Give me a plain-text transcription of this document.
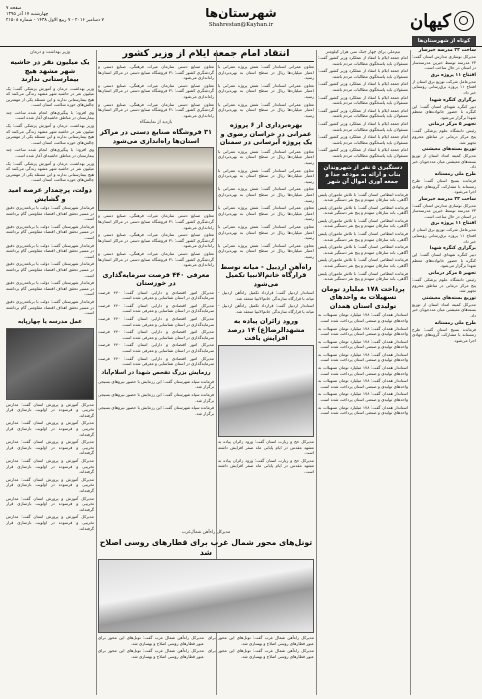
صفحه ۷
چهارشنبه ۱۷ آذر ۱۳۹۵
۷ دسامبر ۲۰۱۶ - ۷ ربیع الاول ۱۴۳۸ - شماره ۲۱۵۰۸
شهرستان‌ها
Shahrestan@Kayhan.ir	کیهان
انتقاد امام جمعه ایلام از وزیر کشور
وزیر بهداشت و درمان
یک میلیون نفر در حاشیه شهر مشهد هیچ بیمارستانی ندارند

وزیر بهداشت، درمان و آموزش پزشکی گفت: یک میلیون نفر در حاشیه شهر مشهد زندگی می‌کنند که هیچ بیمارستانی ندارند و این مسئله یکی از مهمترین چالش‌های حوزه سلامت استان است.

وی افزود: با پیگیری‌های انجام شده ساخت چند بیمارستان در مناطق حاشیه‌ای آغاز شده است.

وزیر بهداشت، درمان و آموزش پزشکی گفت: یک میلیون نفر در حاشیه شهر مشهد زندگی می‌کنند که هیچ بیمارستانی ندارند و این مسئله یکی از مهمترین چالش‌های حوزه سلامت استان است.

وی افزود: با پیگیری‌های انجام شده ساخت چند بیمارستان در مناطق حاشیه‌ای آغاز شده است.

وزیر بهداشت، درمان و آموزش پزشکی گفت: یک میلیون نفر در حاشیه شهر مشهد زندگی می‌کنند که هیچ بیمارستانی ندارند و این مسئله یکی از مهمترین چالش‌های حوزه سلامت استان است.

دولت، پرچمدار عرصه امید و گشایش

فرماندار شهرستان گفت: دولت با برنامه‌ریزی دقیق در مسیر تحقق اهداف اقتصاد مقاومتی گام برداشته است.

فرماندار شهرستان گفت: دولت با برنامه‌ریزی دقیق در مسیر تحقق اهداف اقتصاد مقاومتی گام برداشته است.

فرماندار شهرستان گفت: دولت با برنامه‌ریزی دقیق در مسیر تحقق اهداف اقتصاد مقاومتی گام برداشته است.

فرماندار شهرستان گفت: دولت با برنامه‌ریزی دقیق در مسیر تحقق اهداف اقتصاد مقاومتی گام برداشته است.

فرماندار شهرستان گفت: دولت با برنامه‌ریزی دقیق در مسیر تحقق اهداف اقتصاد مقاومتی گام برداشته است.

فرماندار شهرستان گفت: دولت با برنامه‌ریزی دقیق در مسیر تحقق اهداف اقتصاد مقاومتی گام برداشته است.

عمل مدرسه یا چهارپایه

مدیرکل آموزش و پرورش استان گفت: مدارس تخریبی و فرسوده در اولویت بازسازی قرار گرفته‌اند.

مدیرکل آموزش و پرورش استان گفت: مدارس تخریبی و فرسوده در اولویت بازسازی قرار گرفته‌اند.

مدیرکل آموزش و پرورش استان گفت: مدارس تخریبی و فرسوده در اولویت بازسازی قرار گرفته‌اند.

مدیرکل آموزش و پرورش استان گفت: مدارس تخریبی و فرسوده در اولویت بازسازی قرار گرفته‌اند.

مدیرکل آموزش و پرورش استان گفت: مدارس تخریبی و فرسوده در اولویت بازسازی قرار گرفته‌اند.

مدیرکل آموزش و پرورش استان گفت: مدارس تخریبی و فرسوده در اولویت بازسازی قرار گرفته‌اند.

مدیرکل آموزش و پرورش استان گفت: مدارس تخریبی و فرسوده در اولویت بازسازی قرار گرفته‌اند.

معاون صنایع دستی سازمان میراث فرهنگی، صنایع دستی و گردشگری کشور گفت: ۳۱ فروشگاه صنایع دستی در مراکز استان‌ها راه‌اندازی می‌شود.

معاون صنایع دستی سازمان میراث فرهنگی، صنایع دستی و گردشگری کشور گفت: ۳۱ فروشگاه صنایع دستی در مراکز استان‌ها راه‌اندازی می‌شود.

معاون صنایع دستی سازمان میراث فرهنگی، صنایع دستی و گردشگری کشور گفت: ۳۱ فروشگاه صنایع دستی در مراکز استان‌ها راه‌اندازی می‌شود.

بازدید از نمایشگاه
۳۱ فروشگاه صنایع دستی در مراکز استان‌ها راه‌اندازی می‌شود

معاون صنایع دستی سازمان میراث فرهنگی، صنایع دستی و گردشگری کشور گفت: ۳۱ فروشگاه صنایع دستی در مراکز استان‌ها راه‌اندازی می‌شود.

معاون صنایع دستی سازمان میراث فرهنگی، صنایع دستی و گردشگری کشور گفت: ۳۱ فروشگاه صنایع دستی در مراکز استان‌ها راه‌اندازی می‌شود.

معاون صنایع دستی سازمان میراث فرهنگی، صنایع دستی و گردشگری کشور گفت: ۳۱ فروشگاه صنایع دستی در مراکز استان‌ها راه‌اندازی می‌شود.

معرفی ۴۴۰ فرصت سرمایه‌گذاری در خوزستان

مدیرکل امور اقتصادی و دارایی استان گفت: ۴۴۰ فرصت سرمایه‌گذاری در استان شناسایی و معرفی شده است.

مدیرکل امور اقتصادی و دارایی استان گفت: ۴۴۰ فرصت سرمایه‌گذاری در استان شناسایی و معرفی شده است.

مدیرکل امور اقتصادی و دارایی استان گفت: ۴۴۰ فرصت سرمایه‌گذاری در استان شناسایی و معرفی شده است.

مدیرکل امور اقتصادی و دارایی استان گفت: ۴۴۰ فرصت سرمایه‌گذاری در استان شناسایی و معرفی شده است.

مدیرکل امور اقتصادی و دارایی استان گفت: ۴۴۰ فرصت سرمایه‌گذاری در استان شناسایی و معرفی شده است.

مدیرکل امور اقتصادی و دارایی استان گفت: ۴۴۰ فرصت سرمایه‌گذاری در استان شناسایی و معرفی شده است.

رزمایش بزرگ تفحص شهدا در اسلام‌آباد

فرمانده سپاه شهرستان گفت: این رزمایش با حضور نیروهای بسیجی برگزار شد.

فرمانده سپاه شهرستان گفت: این رزمایش با حضور نیروهای بسیجی برگزار شد.

فرمانده سپاه شهرستان گفت: این رزمایش با حضور نیروهای بسیجی برگزار شد.

مدیرکل راه‌آهن شمال‌غرب
تونل‌های محور شمال غرب برای قطارهای روسی اصلاح شد

مدیرکل راه‌آهن شمال غرب گفت: تونل‌های این محور برای عبور قطارهای روسی اصلاح و بهسازی شد.

مدیرکل راه‌آهن شمال غرب گفت: تونل‌های این محور برای عبور قطارهای روسی اصلاح و بهسازی شد.

مدیرکل راه‌آهن شمال غرب گفت: تونل‌های این محور برای عبور قطارهای روسی اصلاح و بهسازی شد.

مدیرکل راه‌آهن شمال غرب گفت: تونل‌های این محور برای عبور قطارهای روسی اصلاح و بهسازی شد.

معاون عمرانی استاندار گفت: شش پروژه عمرانی با اعتبار میلیاردها ریال در سطح استان به بهره‌برداری رسید.

معاون عمرانی استاندار گفت: شش پروژه عمرانی با اعتبار میلیاردها ریال در سطح استان به بهره‌برداری رسید.

معاون عمرانی استاندار گفت: شش پروژه عمرانی با اعتبار میلیاردها ریال در سطح استان به بهره‌برداری رسید.

بهره‌برداری از ۶ پروژه عمرانی در خراسان رضوی و یک پروژه آبرسانی در سمنان

معاون عمرانی استاندار گفت: شش پروژه عمرانی با اعتبار میلیاردها ریال در سطح استان به بهره‌برداری رسید.

معاون عمرانی استاندار گفت: شش پروژه عمرانی با اعتبار میلیاردها ریال در سطح استان به بهره‌برداری رسید.

معاون عمرانی استاندار گفت: شش پروژه عمرانی با اعتبار میلیاردها ریال در سطح استان به بهره‌برداری رسید.

معاون عمرانی استاندار گفت: شش پروژه عمرانی با اعتبار میلیاردها ریال در سطح استان به بهره‌برداری رسید.

معاون عمرانی استاندار گفت: شش پروژه عمرانی با اعتبار میلیاردها ریال در سطح استان به بهره‌برداری رسید.

معاون عمرانی استاندار گفت: شش پروژه عمرانی با اعتبار میلیاردها ریال در سطح استان به بهره‌برداری رسید.

راه‌آهن اردبیل - میانه توسط قرارگاه خاتم‌الانبیا تکمیل می‌شود

استاندار اردبیل گفت: قرارداد تکمیل راه‌آهن اردبیل - میانه با قرارگاه سازندگی خاتم‌الانبیا منعقد شد.

استاندار اردبیل گفت: قرارداد تکمیل راه‌آهن اردبیل - میانه با قرارگاه سازندگی خاتم‌الانبیا منعقد شد.

ورود زائران پیاده به مشهدالرضا(ع) ۱۴ درصد افزایش یافت

مدیرکل حج و زیارت استان گفت: ورود زائران پیاده به مشهد مقدس در ایام پایانی ماه صفر افزایش داشته است.

مدیرکل حج و زیارت استان گفت: ورود زائران پیاده به مشهد مقدس در ایام پایانی ماه صفر افزایش داشته است.

تیم‌ملی برای چهار جنگ سی هزار کیلومتر

امام جمعه ایلام با انتقاد از عملکرد وزیر کشور گفت: مسئولان باید پاسخگوی مطالبات مردم باشند.

امام جمعه ایلام با انتقاد از عملکرد وزیر کشور گفت: مسئولان باید پاسخگوی مطالبات مردم باشند.

امام جمعه ایلام با انتقاد از عملکرد وزیر کشور گفت: مسئولان باید پاسخگوی مطالبات مردم باشند.

امام جمعه ایلام با انتقاد از عملکرد وزیر کشور گفت: مسئولان باید پاسخگوی مطالبات مردم باشند.

امام جمعه ایلام با انتقاد از عملکرد وزیر کشور گفت: مسئولان باید پاسخگوی مطالبات مردم باشند.

امام جمعه ایلام با انتقاد از عملکرد وزیر کشور گفت: مسئولان باید پاسخگوی مطالبات مردم باشند.

امام جمعه ایلام با انتقاد از عملکرد وزیر کشور گفت: مسئولان باید پاسخگوی مطالبات مردم باشند.

امام جمعه ایلام با انتقاد از عملکرد وزیر کشور گفت: مسئولان باید پاسخگوی مطالبات مردم باشند.

دستگیری ۵ نفر از شهروندان بناب و ارائه به مودعه جدا و جمعه آوری اموال آن شهر

فرمانده انتظامی استان گفت: با تلاش ماموران پلیس آگاهی، باند سارقان منهدم و پنج نفر دستگیر شدند.

فرمانده انتظامی استان گفت: با تلاش ماموران پلیس آگاهی، باند سارقان منهدم و پنج نفر دستگیر شدند.

فرمانده انتظامی استان گفت: با تلاش ماموران پلیس آگاهی، باند سارقان منهدم و پنج نفر دستگیر شدند.

فرمانده انتظامی استان گفت: با تلاش ماموران پلیس آگاهی، باند سارقان منهدم و پنج نفر دستگیر شدند.

فرمانده انتظامی استان گفت: با تلاش ماموران پلیس آگاهی، باند سارقان منهدم و پنج نفر دستگیر شدند.

فرمانده انتظامی استان گفت: با تلاش ماموران پلیس آگاهی، باند سارقان منهدم و پنج نفر دستگیر شدند.

فرمانده انتظامی استان گفت: با تلاش ماموران پلیس آگاهی، باند سارقان منهدم و پنج نفر دستگیر شدند.

پرداخت ۱۷۸ میلیارد تومان تسهیلات به واحدهای تولیدی استان همدان

استاندار همدان گفت: ۱۷۸ میلیارد تومان تسهیلات به واحدهای تولیدی و صنعتی استان پرداخت شده است.

استاندار همدان گفت: ۱۷۸ میلیارد تومان تسهیلات به واحدهای تولیدی و صنعتی استان پرداخت شده است.

استاندار همدان گفت: ۱۷۸ میلیارد تومان تسهیلات به واحدهای تولیدی و صنعتی استان پرداخت شده است.

استاندار همدان گفت: ۱۷۸ میلیارد تومان تسهیلات به واحدهای تولیدی و صنعتی استان پرداخت شده است.

استاندار همدان گفت: ۱۷۸ میلیارد تومان تسهیلات به واحدهای تولیدی و صنعتی استان پرداخت شده است.

استاندار همدان گفت: ۱۷۸ میلیارد تومان تسهیلات به واحدهای تولیدی و صنعتی استان پرداخت شده است.

استاندار همدان گفت: ۱۷۸ میلیارد تومان تسهیلات به واحدهای تولیدی و صنعتی استان پرداخت شده است.

استاندار همدان گفت: ۱۷۸ میلیارد تومان تسهیلات به واحدهای تولیدی و صنعتی استان پرداخت شده است.

کوتاه از شهرستان‌ها
ساخت ۲۳ مدرسه خیرساز
مدیرکل نوسازی مدارس استان گفت: ۲۳ مدرسه توسط خیرین مدرسه‌ساز در استان در حال ساخت است.
افتتاح ۱۱ پروژه برق
مدیرعامل شرکت توزیع برق استان از افتتاح ۱۱ پروژه برق‌رسانی روستایی خبر داد.
برگزاری کنگره شهدا
دبیر کنگره شهدای استان گفت: این کنگره با حضور خانواده‌های معظم شهدا برگزار می‌شود.
تجهیز ۵ مرکز درمانی
رئیس دانشگاه علوم پزشکی گفت: پنج مرکز درمانی در مناطق محروم تجهیز شد.
توزیع بسته‌های معیشتی
مدیرکل کمیته امداد استان از توزیع بسته‌های معیشتی میان مددجویان خبر داد.
طرح ملی زمستانه
فرمانده بسیج استان گفت: طرح زمستانه با مشارکت گروه‌های جهادی اجرا می‌شود.
ساخت ۲۳ مدرسه خیرساز
مدیرکل نوسازی مدارس استان گفت: ۲۳ مدرسه توسط خیرین مدرسه‌ساز در استان در حال ساخت است.
افتتاح ۱۱ پروژه برق
مدیرعامل شرکت توزیع برق استان از افتتاح ۱۱ پروژه برق‌رسانی روستایی خبر داد.
برگزاری کنگره شهدا
دبیر کنگره شهدای استان گفت: این کنگره با حضور خانواده‌های معظم شهدا برگزار می‌شود.
تجهیز ۵ مرکز درمانی
رئیس دانشگاه علوم پزشکی گفت: پنج مرکز درمانی در مناطق محروم تجهیز شد.
توزیع بسته‌های معیشتی
مدیرکل کمیته امداد استان از توزیع بسته‌های معیشتی میان مددجویان خبر داد.
طرح ملی زمستانه
فرمانده بسیج استان گفت: طرح زمستانه با مشارکت گروه‌های جهادی اجرا می‌شود.
